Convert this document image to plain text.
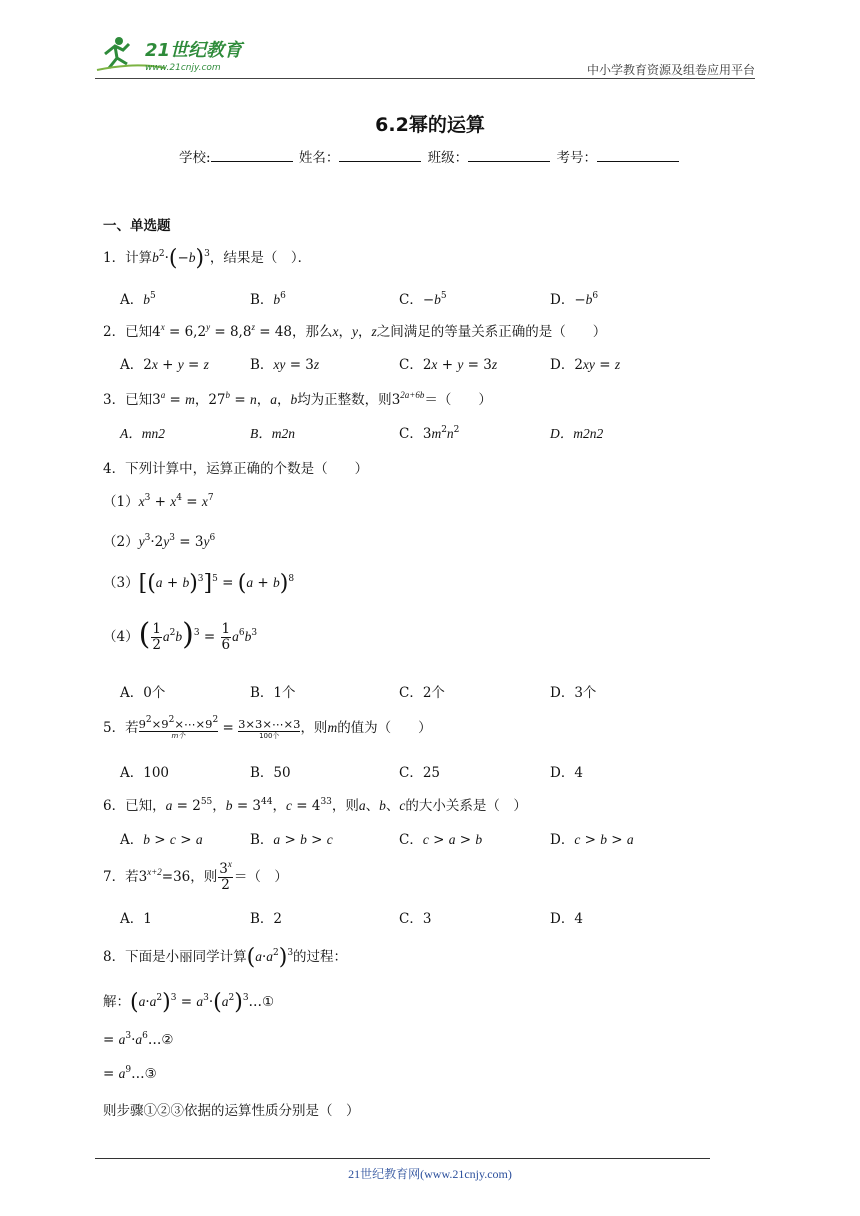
21世纪教育
www.21cnjy.com	中小学教育资源及组卷应用平台
6.2幂的运算
学校:	姓名：	班级：	考号：
一、单选题
1．计算$b^2\cdot(-b)^3$，结果是（　）．
A．$b^5$	B．$b^6$	C．$-b^5$	D．$-b^6$
2．已知$4^x = 6,2^y = 8,8^z = 48$，那么x，y，z之间满足的等量关系正确的是（　　）
A．2x + y = z	B．xy = 3z	C．2x + y = 3z	D．2xy = z
3．已知$3^a = m$，$27^b = n$，a，b均为正整数，则$3^{2a+6b}=$（　　）
A．mn2	B．m2n	C．$3m^2n^2$	D．m2n2
4．下列计算中，运算正确的个数是（　　）
$(1)x^3 + x^4 = x^7$
$(2)y^3\cdot 2y^3 = 3y^6$
$(3)[(a + b)^3]^5 = (a + b)^8$
$(4)( \frac{1}{2} a^2b)^3 = \frac{1}{6} a^6b^3$
A．0个	B．1个	C．2个	D．3个
5．若 $9^2\times 9^2\times\cdots\times 9^2$
m个	= 3×3×⋯×3
100个	，则m的值为（　　）
A．100	B．50	C．25	D．4
6．已知，$a = 2^{55}$，$b = 3^{44}$，$c = 4^{33}$，则a、b、c的大小关系是（　）
A．b > c > a	B．a > b > c	C．c > a > b	D．c > b > a
7．若$3^{x+2}=36$，则 $\frac{3^x}{2}$ ＝（　）
A．1	B．2	C．3	D．4
8．下面是小丽同学计算$(a\cdot a^2)^3$的过程：
解：$(a\cdot a^2)^3$ = $a^3\cdot(a^2)^3\dots ①$
= $a^3\cdot a^6\dots ②$
= $a^9\dots ③$
则步骤①②③依据的运算性质分别是（　）
21世纪教育网(www.21cnjy.com)
